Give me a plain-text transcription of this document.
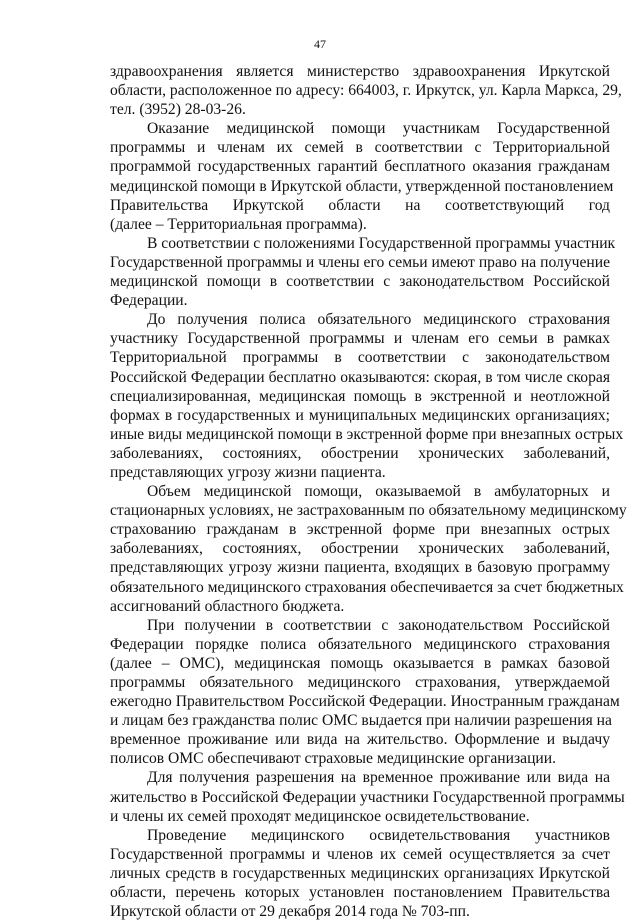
47
здравоохранения является министерство здравоохранения Иркутской
области, расположенное по адресу: 664003, г. Иркутск, ул. Карла Маркса, 29,
тел. (3952) 28-03-26.
Оказание медицинской помощи участникам Государственной
программы и членам их семей в соответствии с Территориальной
программой государственных гарантий бесплатного оказания гражданам
медицинской помощи в Иркутской области, утвержденной постановлением
Правительства Иркутской области на соответствующий год
(далее – Территориальная программа).
В соответствии с положениями Государственной программы участник
Государственной программы и члены его семьи имеют право на получение
медицинской помощи в соответствии с законодательством Российской
Федерации.
До получения полиса обязательного медицинского страхования
участнику Государственной программы и членам его семьи в рамках
Территориальной программы в соответствии с законодательством
Российской Федерации бесплатно оказываются: скорая, в том числе скорая
специализированная, медицинская помощь в экстренной и неотложной
формах в государственных и муниципальных медицинских организациях;
иные виды медицинской помощи в экстренной форме при внезапных острых
заболеваниях, состояниях, обострении хронических заболеваний,
представляющих угрозу жизни пациента.
Объем медицинской помощи, оказываемой в амбулаторных и
стационарных условиях, не застрахованным по обязательному медицинскому
страхованию гражданам в экстренной форме при внезапных острых
заболеваниях, состояниях, обострении хронических заболеваний,
представляющих угрозу жизни пациента, входящих в базовую программу
обязательного медицинского страхования обеспечивается за счет бюджетных
ассигнований областного бюджета.
При получении в соответствии с законодательством Российской
Федерации порядке полиса обязательного медицинского страхования
(далее – ОМС), медицинская помощь оказывается в рамках базовой
программы обязательного медицинского страхования, утверждаемой
ежегодно Правительством Российской Федерации. Иностранным гражданам
и лицам без гражданства полис ОМС выдается при наличии разрешения на
временное проживание или вида на жительство. Оформление и выдачу
полисов ОМС обеспечивают страховые медицинские организации.
Для получения разрешения на временное проживание или вида на
жительство в Российской Федерации участники Государственной программы
и члены их семей проходят медицинское освидетельствование.
Проведение медицинского освидетельствования участников
Государственной программы и членов их семей осуществляется за счет
личных средств в государственных медицинских организациях Иркутской
области, перечень которых установлен постановлением Правительства
Иркутской области от 29 декабря 2014 года № 703-пп.
